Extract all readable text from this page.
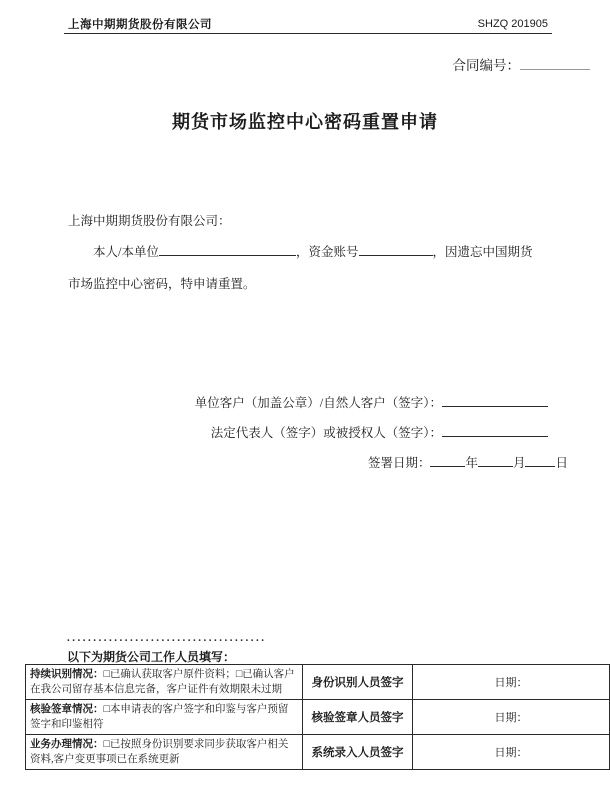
上海中期期货股份有限公司	SHZQ 201905
合同编号：
期货市场监控中心密码重置申请
上海中期期货股份有限公司：
本人/本单位	，资金账号	，因遗忘中国期货市场监控中心密码，特申请重置。
单位客户（加盖公章）/自然人客户（签字）：
法定代表人（签字）或被授权人（签字）：
签署日期：	年	月 日
......................................
以下为期货公司工作人员填写：
持续识别情况：□已确认获取客户原件资料；□已确认客户在我公司留存基本信息完备，客户证件有效期限未过期	身份识别人员签字	日期：
核验签章情况：□本申请表的客户签字和印鉴与客户预留签字和印鉴相符	核验签章人员签字	日期：
业务办理情况：□已按照身份识别要求同步获取客户相关资料,客户变更事项已在系统更新	系统录入人员签字	日期：
